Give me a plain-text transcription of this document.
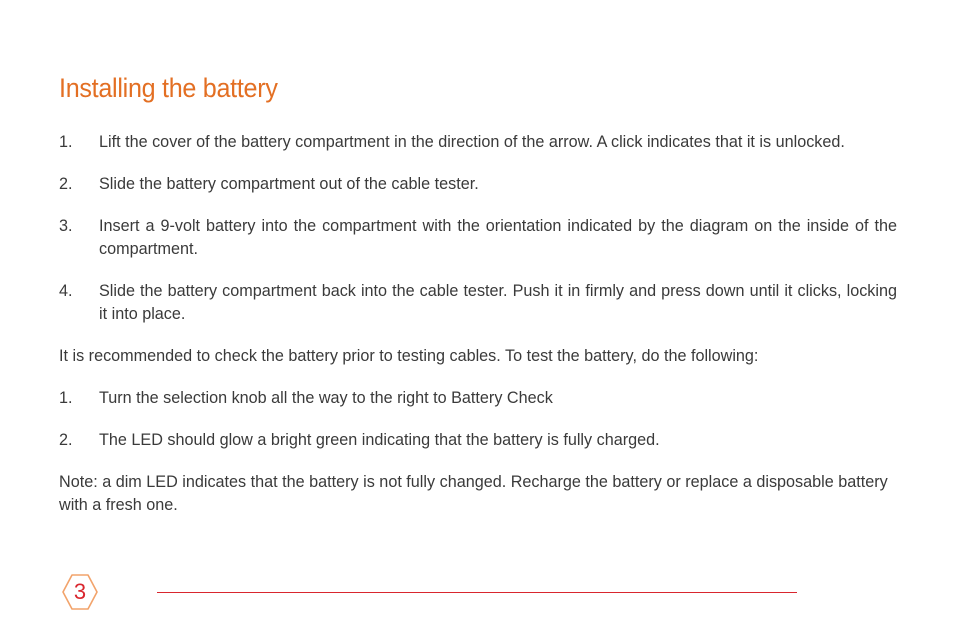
Installing the battery
1.	Lift the cover of the battery compartment in the direction of the arrow. A click indicates that it is unlocked.
2.	Slide the battery compartment out of the cable tester.
3.	Insert a 9-volt battery into the compartment with the orientation indicated by the diagram on the inside of the compartment.
4.	Slide the battery compartment back into the cable tester. Push it in firmly and press down until it clicks, locking it into place.

It is recommended to check the battery prior to testing cables. To test the battery, do the following:

1.	Turn the selection knob all the way to the right to Battery Check
2.	The LED should glow a bright green indicating that the battery is fully charged.

Note: a dim LED indicates that the battery is not fully changed. Recharge the battery or replace a disposable battery with a fresh one.

3
